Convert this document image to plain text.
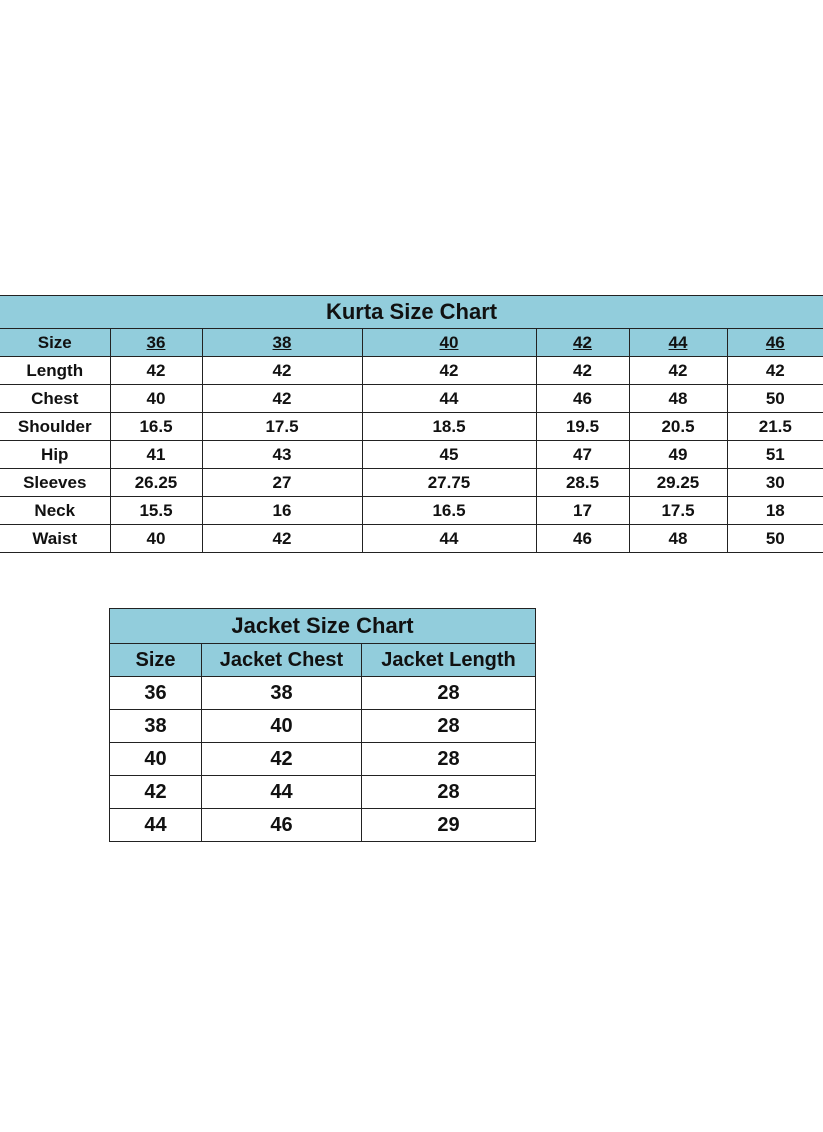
Kurta Size Chart						
Size	36	38	40	42	44	46
Length	42	42	42	42	42	42
Chest	40	42	44	46	48	50
Shoulder	16.5	17.5	18.5	19.5	20.5	21.5
Hip	41	43	45	47	49	51
Sleeves	26.25	27	27.75	28.5	29.25	30
Neck	15.5	16	16.5	17	17.5	18
Waist	40	42	44	46	48	50
Jacket Size Chart		
Size	Jacket Chest	Jacket Length
36	38	28
38	40	28
40	42	28
42	44	28
44	46	29
